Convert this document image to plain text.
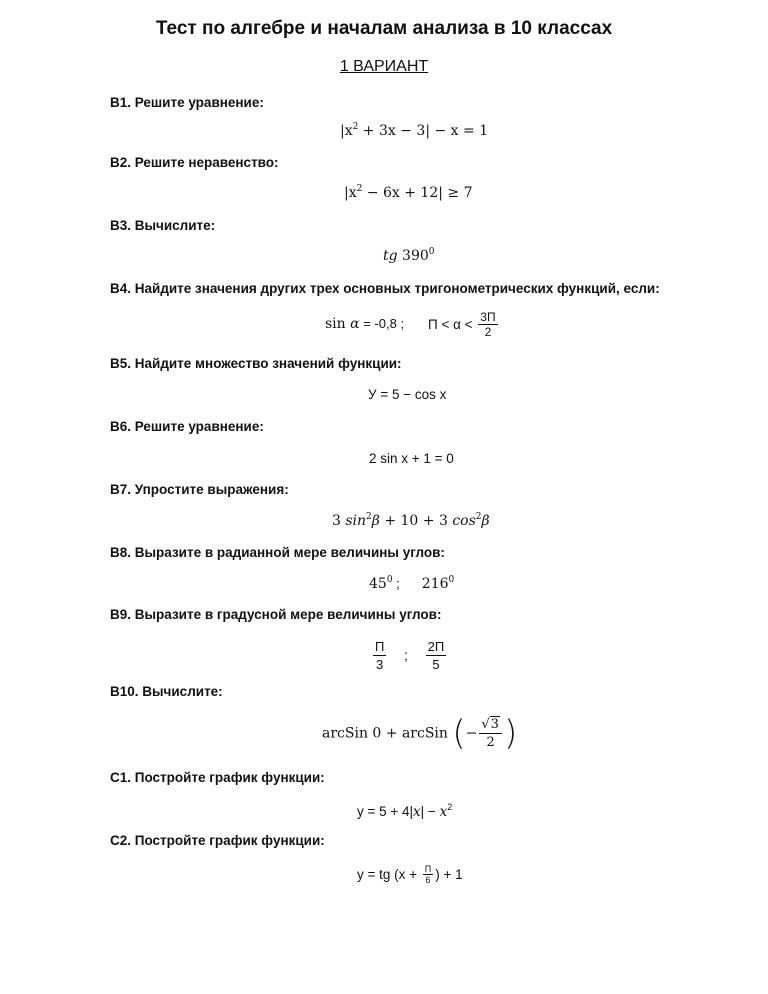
Тест по алгебре и началам анализа в 10 классах
1 ВАРИАНТ
В1. Решите уравнение:
$|x^2 + 3x - 3| - x = 1$
В2. Решите неравенство:
$|x^2 - 6x + 12| \ge 7$
В3. Вычислите:
tg $390^0$
В4. Найдите значения других трех основных тригонометрических функций, если:
sin α = -0,8 ; $П < \alpha < \frac{3П}{2}$
В5. Найдите множество значений функции:
У = 5 − cos x
В6. Решите уравнение:
2 sin x + 1 = 0
В7. Упростите выражения:
3 $\sin^2\beta + 10 + 3$ $\cos^2\beta$
В8. Выразите в радианной мере величины углов:
$45^0$ ; $216^0$
В9. Выразите в градусной мере величины углов:
$\frac{П}{3}$ ; $\frac{2П}{5}$
В10. Вычислите:
arcSin 0 + arcSin (− $\frac{√3}{2}$ )
С1. Постройте график функции:
$y = 5 + 4|x| - x^2$
С2. Постройте график функции:
y = tg ($x + \frac{П}{6}$ ) + 1
